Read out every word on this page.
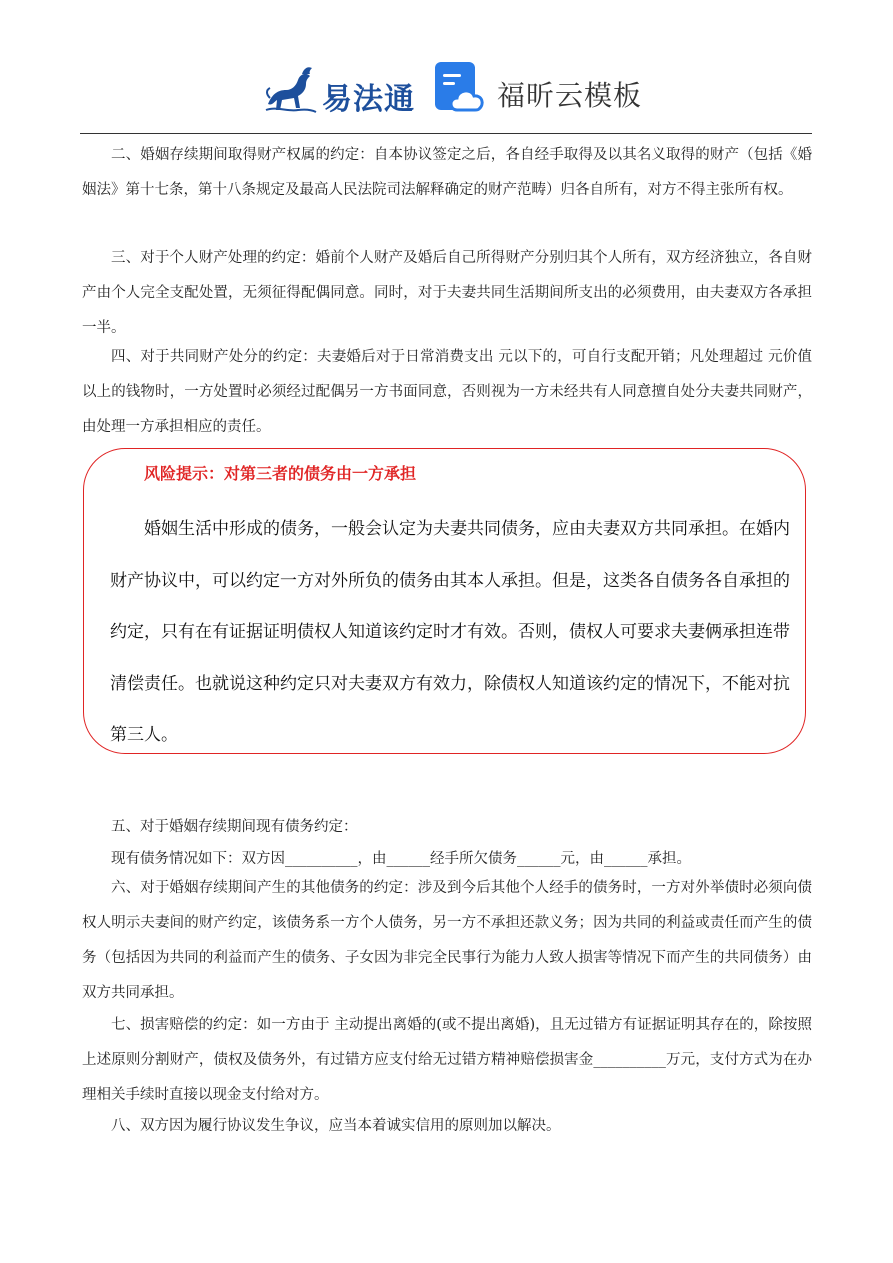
易法通	福昕云模板
二、婚姻存续期间取得财产权属的约定：自本协议签定之后，各自经手取得及以其名义取得的财产（包括《婚姻法》第十七条，第十八条规定及最高人民法院司法解释确定的财产范畴）归各自所有，对方不得主张所有权。
三、对于个人财产处理的约定：婚前个人财产及婚后自己所得财产分别归其个人所有，双方经济独立，各自财产由个人完全支配处置，无须征得配偶同意。同时，对于夫妻共同生活期间所支出的必须费用，由夫妻双方各承担一半。
四、对于共同财产处分的约定：夫妻婚后对于日常消费支出 元以下的，可自行支配开销；凡处理超过 元价值以上的钱物时，一方处置时必须经过配偶另一方书面同意，否则视为一方未经共有人同意擅自处分夫妻共同财产，由处理一方承担相应的责任。
风险提示：对第三者的债务由一方承担
婚姻生活中形成的债务，一般会认定为夫妻共同债务，应由夫妻双方共同承担。在婚内财产协议中，可以约定一方对外所负的债务由其本人承担。但是，这类各自债务各自承担的约定，只有在有证据证明债权人知道该约定时才有效。否则，债权人可要求夫妻俩承担连带清偿责任。也就说这种约定只对夫妻双方有效力，除债权人知道该约定的情况下，不能对抗第三人。
五、对于婚姻存续期间现有债务约定：
现有债务情况如下：双方因__________，由______经手所欠债务______元，由______承担。
六、对于婚姻存续期间产生的其他债务的约定：涉及到今后其他个人经手的债务时，一方对外举债时必须向债权人明示夫妻间的财产约定，该债务系一方个人债务，另一方不承担还款义务；因为共同的利益或责任而产生的债务（包括因为共同的利益而产生的债务、子女因为非完全民事行为能力人致人损害等情况下而产生的共同债务）由双方共同承担。
七、损害赔偿的约定：如一方由于 主动提出离婚的(或不提出离婚)，且无过错方有证据证明其存在的，除按照上述原则分割财产，债权及债务外，有过错方应支付给无过错方精神赔偿损害金__________万元，支付方式为在办理相关手续时直接以现金支付给对方。
八、双方因为履行协议发生争议，应当本着诚实信用的原则加以解决。
